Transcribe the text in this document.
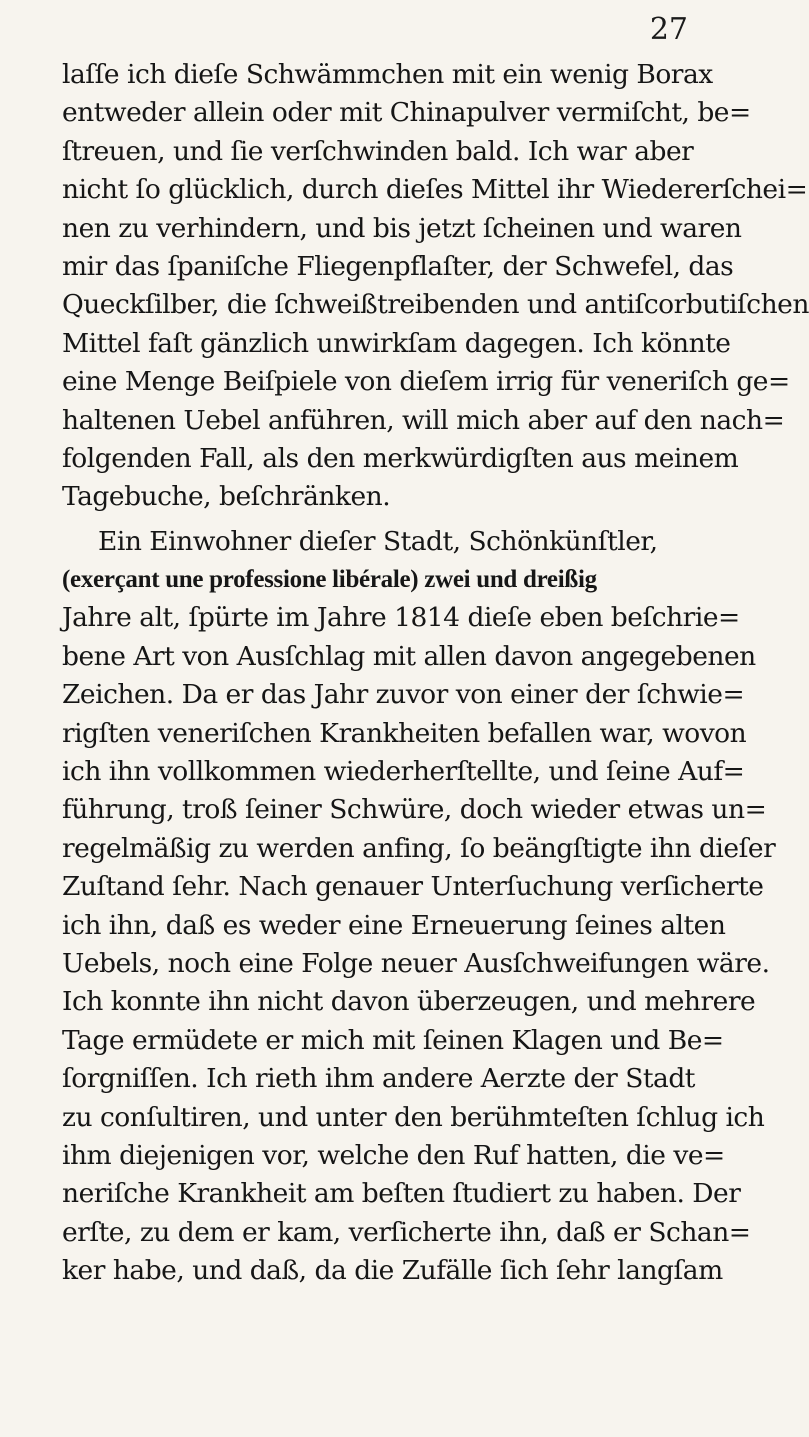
27
laſſe ich dieſe Schwämmchen mit ein wenig Borax
entweder allein oder mit Chinapulver vermiſcht, be=
ſtreuen, und ſie verſchwinden bald. Ich war aber
nicht ſo glücklich, durch dieſes Mittel ihr Wiedererſchei=
nen zu verhindern, und bis jetzt ſcheinen und waren
mir das ſpaniſche Fliegenpflaſter, der Schwefel, das
Queckſilber, die ſchweißtreibenden und antiſcorbutiſchen
Mittel faſt gänzlich unwirkſam dagegen. Ich könnte
eine Menge Beiſpiele von dieſem irrig für veneriſch ge=
haltenen Uebel anführen, will mich aber auf den nach=
folgenden Fall, als den merkwürdigſten aus meinem
Tagebuche, beſchränken.
Ein Einwohner dieſer Stadt, Schönkünſtler,
(exerçant une professione libérale) zwei und dreißig
Jahre alt, ſpürte im Jahre 1814 dieſe eben beſchrie=
bene Art von Ausſchlag mit allen davon angegebenen
Zeichen. Da er das Jahr zuvor von einer der ſchwie=
rigſten veneriſchen Krankheiten befallen war, wovon
ich ihn vollkommen wiederherſtellte, und ſeine Auf=
führung, troß ſeiner Schwüre, doch wieder etwas un=
regelmäßig zu werden anfing, ſo beängſtigte ihn dieſer
Zuſtand ſehr. Nach genauer Unterſuchung verſicherte
ich ihn, daß es weder eine Erneuerung ſeines alten
Uebels, noch eine Folge neuer Ausſchweifungen wäre.
Ich konnte ihn nicht davon überzeugen, und mehrere
Tage ermüdete er mich mit ſeinen Klagen und Be=
ſorgniſſen. Ich rieth ihm andere Aerzte der Stadt
zu conſultiren, und unter den berühmteſten ſchlug ich
ihm diejenigen vor, welche den Ruf hatten, die ve=
neriſche Krankheit am beſten ſtudiert zu haben. Der
erſte, zu dem er kam, verſicherte ihn, daß er Schan=
ker habe, und daß, da die Zufälle ſich ſehr langſam
